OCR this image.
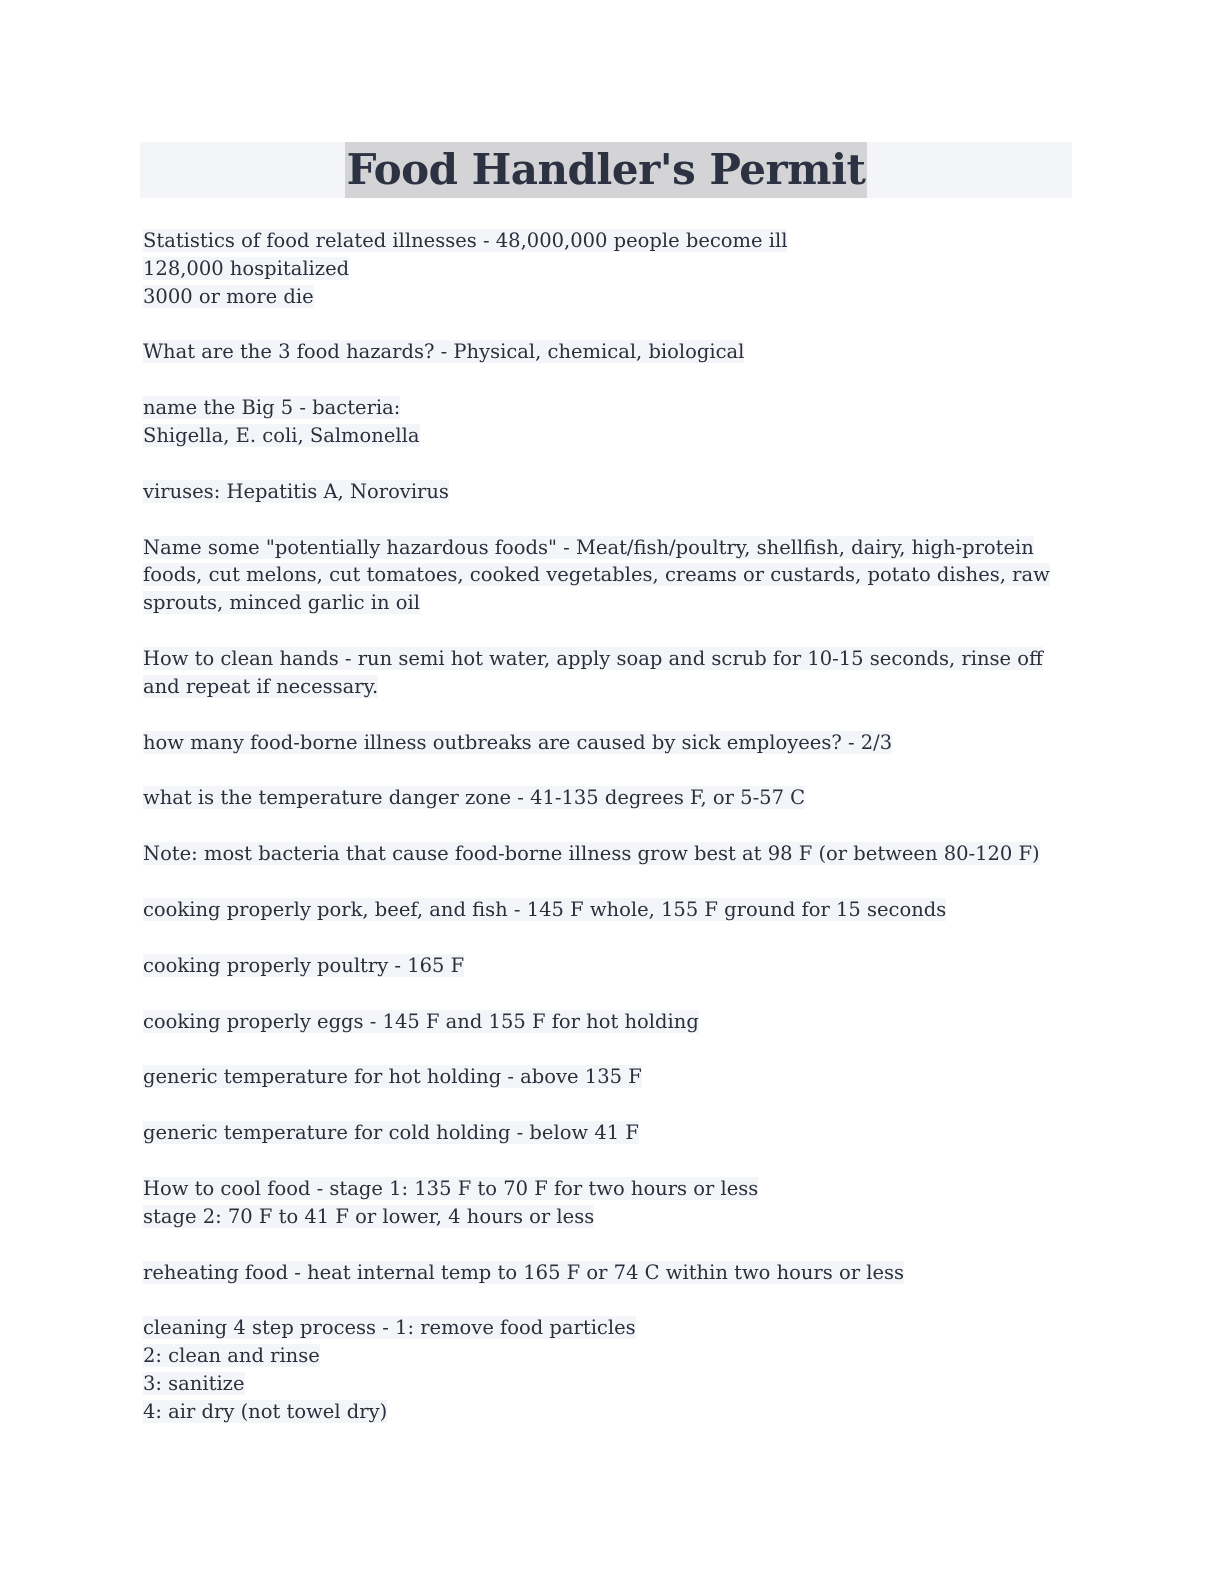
Food Handler's Permit
Statistics of food related illnesses - 48,000,000 people become ill
128,000 hospitalized
3000 or more die
What are the 3 food hazards? - Physical, chemical, biological
name the Big 5 - bacteria:
Shigella, E. coli, Salmonella
viruses: Hepatitis A, Norovirus
Name some "potentially hazardous foods" - Meat/fish/poultry, shellfish, dairy, high-protein foods, cut melons, cut tomatoes, cooked vegetables, creams or custards, potato dishes, raw sprouts, minced garlic in oil
How to clean hands - run semi hot water, apply soap and scrub for 10-15 seconds, rinse off and repeat if necessary.
how many food-borne illness outbreaks are caused by sick employees? - 2/3
what is the temperature danger zone - 41-135 degrees F, or 5-57 C
Note: most bacteria that cause food-borne illness grow best at 98 F (or between 80-120 F)
cooking properly pork, beef, and fish - 145 F whole, 155 F ground for 15 seconds
cooking properly poultry - 165 F
cooking properly eggs - 145 F and 155 F for hot holding
generic temperature for hot holding - above 135 F
generic temperature for cold holding - below 41 F
How to cool food - stage 1: 135 F to 70 F for two hours or less
stage 2: 70 F to 41 F or lower, 4 hours or less
reheating food - heat internal temp to 165 F or 74 C within two hours or less
cleaning 4 step process - 1: remove food particles
2: clean and rinse
3: sanitize
4: air dry (not towel dry)
